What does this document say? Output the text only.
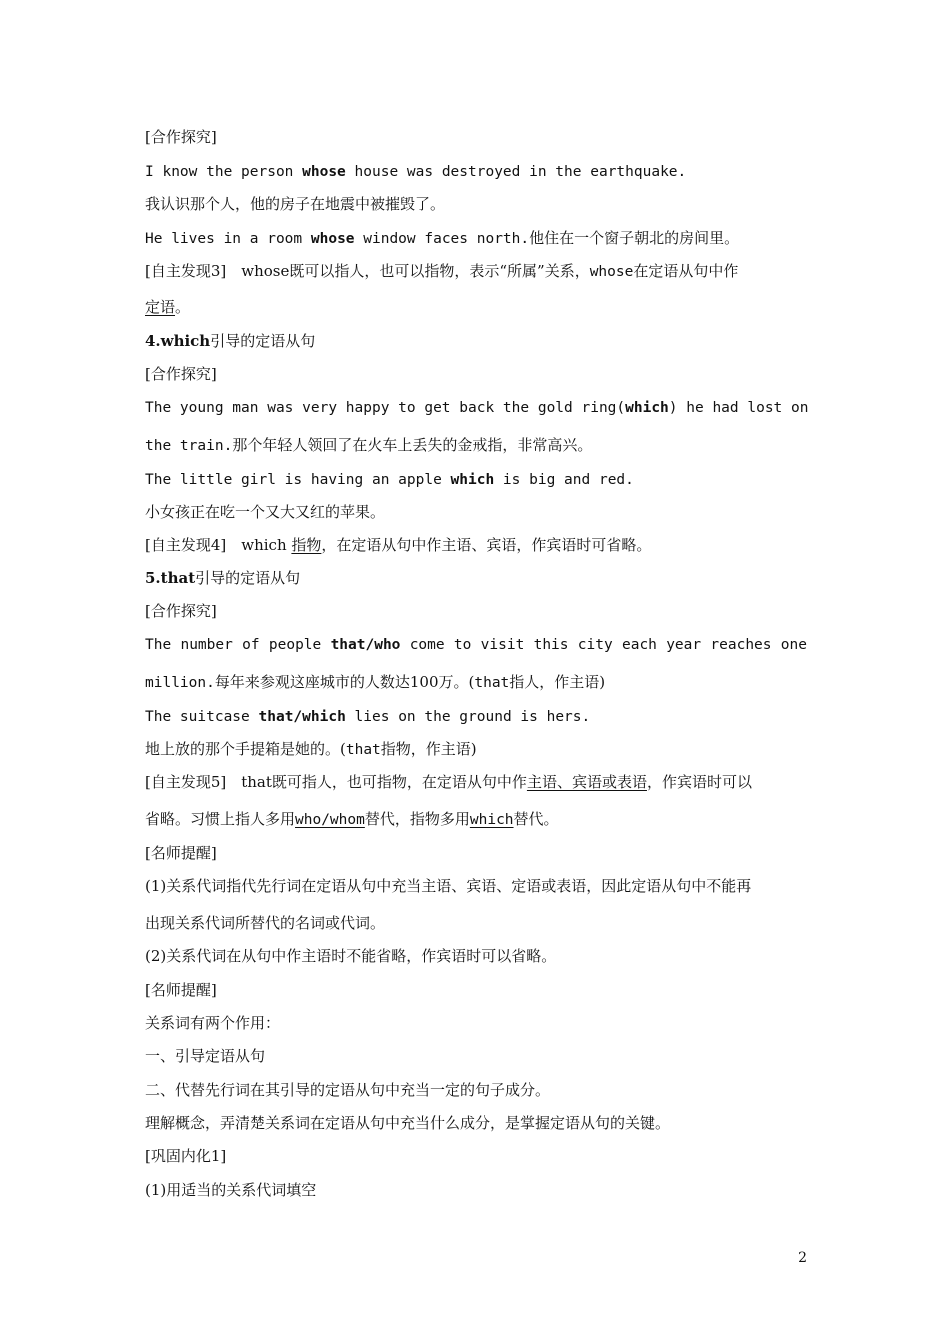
[合作探究]
I know the person whose house was destroyed in the earthquake.
我认识那个人，他的房子在地震中被摧毁了。
He lives in a room whose window faces north.他住在一个窗子朝北的房间里。
[自主发现3]　whose既可以指人，也可以指物，表示“所属”关系，whose在定语从句中作
定语。
4.which引导的定语从句
[合作探究]
The young man was very happy to get back the gold ring(which) he had lost on
the train.那个年轻人领回了在火车上丢失的金戒指，非常高兴。
The little girl is having an apple which is big and red.
小女孩正在吃一个又大又红的苹果。
[自主发现4]　which 指物，在定语从句中作主语、宾语，作宾语时可省略。
5.that引导的定语从句
[合作探究]
The number of people that/who come to visit this city each year reaches one
million.每年来参观这座城市的人数达100万。(that指人，作主语)
The suitcase that/which lies on the ground is hers.
地上放的那个手提箱是她的。(that指物，作主语)
[自主发现5]　that既可指人，也可指物，在定语从句中作主语、宾语或表语，作宾语时可以
省略。习惯上指人多用who/whom替代，指物多用which替代。
[名师提醒]
(1)关系代词指代先行词在定语从句中充当主语、宾语、定语或表语，因此定语从句中不能再
出现关系代词所替代的名词或代词。
(2)关系代词在从句中作主语时不能省略，作宾语时可以省略。
[名师提醒]
关系词有两个作用：
一、引导定语从句
二、代替先行词在其引导的定语从句中充当一定的句子成分。
理解概念，弄清楚关系词在定语从句中充当什么成分，是掌握定语从句的关键。
[巩固内化1]
(1)用适当的关系代词填空
2
